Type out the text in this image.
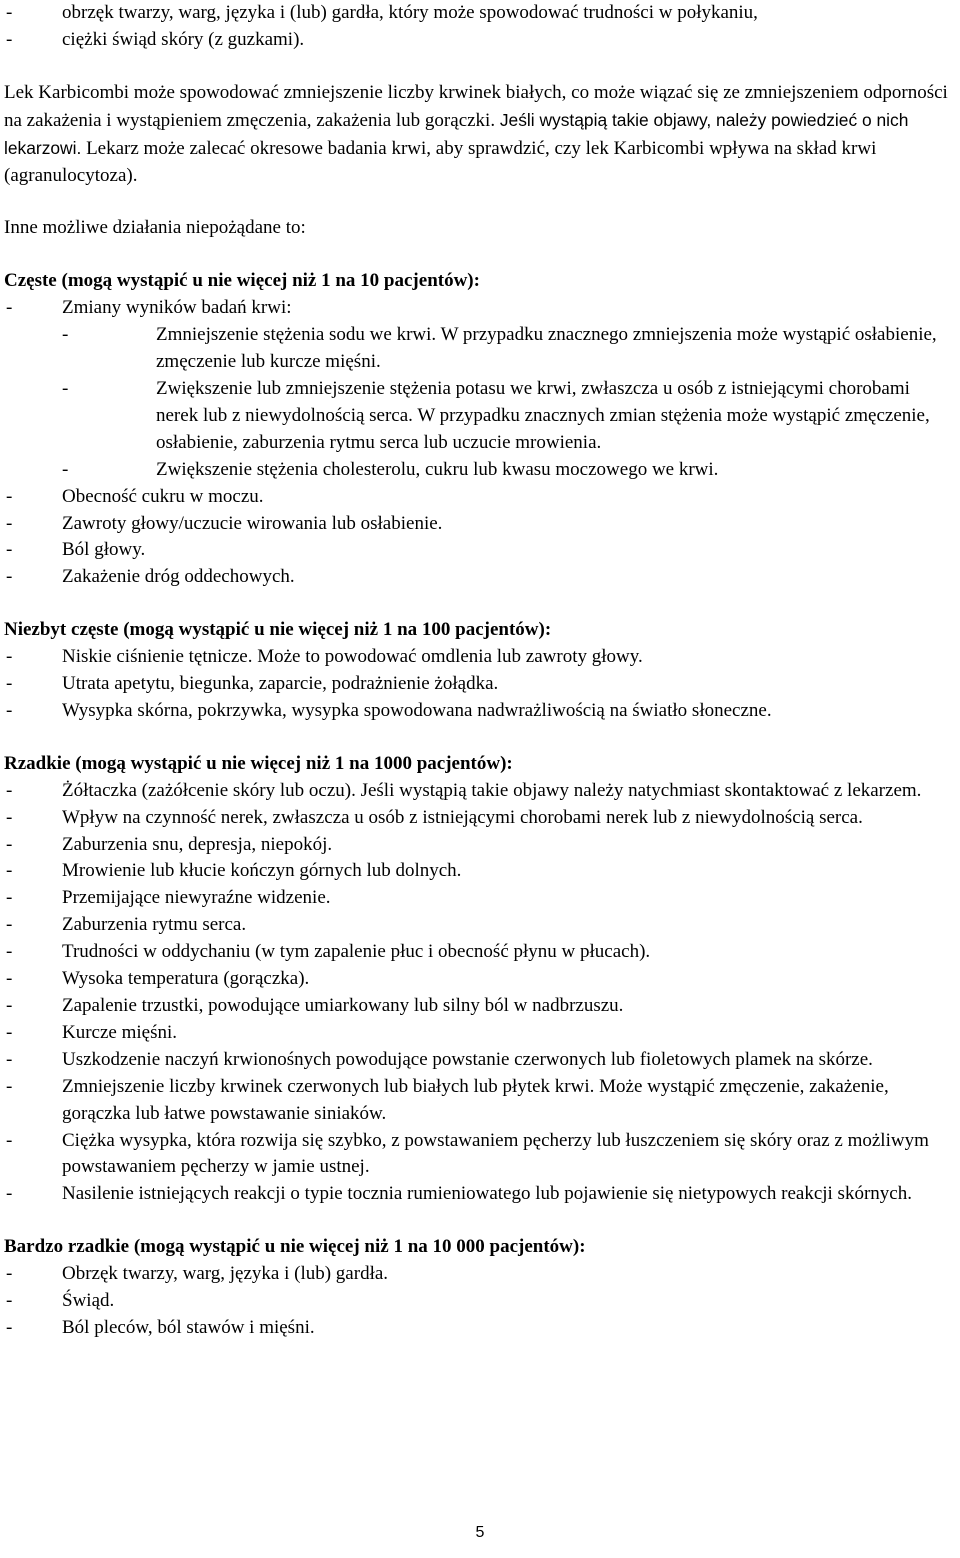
-	obrzęk twarzy, warg, języka i (lub) gardła, który może spowodować trudności w połykaniu,
-	ciężki świąd skóry (z guzkami).

Lek Karbicombi może spowodować zmniejszenie liczby krwinek białych, co może wiązać się ze zmniejszeniem odporności na zakażenia i wystąpieniem zmęczenia, zakażenia lub gorączki. Jeśli wystąpią takie objawy, należy powiedzieć o nich lekarzowi. Lekarz może zalecać okresowe badania krwi, aby sprawdzić, czy lek Karbicombi wpływa na skład krwi (agranulocytoza).

Inne możliwe działania niepożądane to:

Częste (mogą wystąpić u nie więcej niż 1 na 10 pacjentów):

-	Zmiany wyników badań krwi:
-	Zmniejszenie stężenia sodu we krwi. W przypadku znacznego zmniejszenia może wystąpić osłabienie, zmęczenie lub kurcze mięśni.
-	Zwiększenie lub zmniejszenie stężenia potasu we krwi, zwłaszcza u osób z istniejącymi chorobami nerek lub z niewydolnością serca. W przypadku znacznych zmian stężenia może wystąpić zmęczenie, osłabienie, zaburzenia rytmu serca lub uczucie mrowienia.
-	Zwiększenie stężenia cholesterolu, cukru lub kwasu moczowego we krwi.
-	Obecność cukru w moczu.
-	Zawroty głowy/uczucie wirowania lub osłabienie.
-	Ból głowy.
-	Zakażenie dróg oddechowych.

Niezbyt częste (mogą wystąpić u nie więcej niż 1 na 100 pacjentów):

-	Niskie ciśnienie tętnicze. Może to powodować omdlenia lub zawroty głowy.
-	Utrata apetytu, biegunka, zaparcie, podrażnienie żołądka.
-	Wysypka skórna, pokrzywka, wysypka spowodowana nadwrażliwością na światło słoneczne.

Rzadkie (mogą wystąpić u nie więcej niż 1 na 1000 pacjentów):

-	Żółtaczka (zażółcenie skóry lub oczu). Jeśli wystąpią takie objawy należy natychmiast skontaktować z lekarzem.
-	Wpływ na czynność nerek, zwłaszcza u osób z istniejącymi chorobami nerek lub z niewydolnością serca.
-	Zaburzenia snu, depresja, niepokój.
-	Mrowienie lub kłucie kończyn górnych lub dolnych.
-	Przemijające niewyraźne widzenie.
-	Zaburzenia rytmu serca.
-	Trudności w oddychaniu (w tym zapalenie płuc i obecność płynu w płucach).
-	Wysoka temperatura (gorączka).
-	Zapalenie trzustki, powodujące umiarkowany lub silny ból w nadbrzuszu.
-	Kurcze mięśni.
-	Uszkodzenie naczyń krwionośnych powodujące powstanie czerwonych lub fioletowych plamek na skórze.
-	Zmniejszenie liczby krwinek czerwonych lub białych lub płytek krwi. Może wystąpić zmęczenie, zakażenie, gorączka lub łatwe powstawanie siniaków.
-	Ciężka wysypka, która rozwija się szybko, z powstawaniem pęcherzy lub łuszczeniem się skóry oraz z możliwym powstawaniem pęcherzy w jamie ustnej.
-	Nasilenie istniejących reakcji o typie tocznia rumieniowatego lub pojawienie się nietypowych reakcji skórnych.

Bardzo rzadkie (mogą wystąpić u nie więcej niż 1 na 10 000 pacjentów):

-	Obrzęk twarzy, warg, języka i (lub) gardła.
-	Świąd.
-	Ból pleców, ból stawów i mięśni.
5
